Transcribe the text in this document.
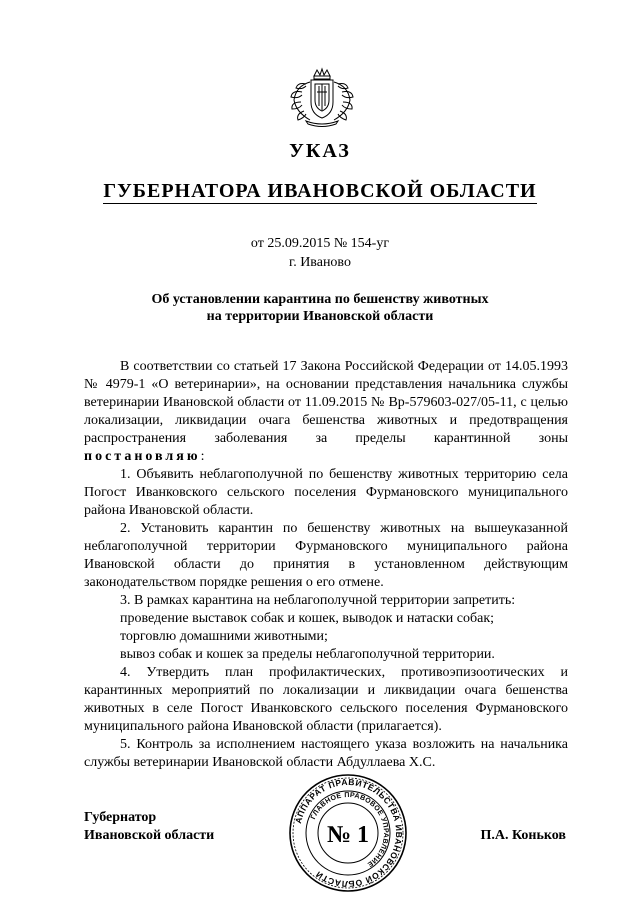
УКАЗ
ГУБЕРНАТОРА ИВАНОВСКОЙ ОБЛАСТИ
от 25.09.2015 № 154-уг
г. Иваново
Об установлении карантина по бешенству животных
на территории Ивановской области

В соответствии со статьей 17 Закона Российской Федерации от 14.05.1993 № 4979-1 «О ветеринарии», на основании представления начальника службы ветеринарии Ивановской области от 11.09.2015 № Вр-579603-027/05-11, с целью локализации, ликвидации очага бешенства животных и предотвращения распространения заболевания за пределы карантинной зоны постановляю:

1. Объявить неблагополучной по бешенству животных территорию села Погост Иванковского сельского поселения Фурмановского муниципального района Ивановской области.

2. Установить карантин по бешенству животных на вышеуказанной неблагополучной территории Фурмановского муниципального района Ивановской области до принятия в установленном действующим законодательством порядке решения о его отмене.

3. В рамках карантина на неблагополучной территории запретить:

проведение выставок собак и кошек, выводок и натаски собак;

торговлю домашними животными;

вывоз собак и кошек за пределы неблагополучной территории.

4. Утвердить план профилактических, противоэпизоотических и карантинных мероприятий по локализации и ликвидации очага бешенства животных в селе Погост Иванковского сельского поселения Фурмановского муниципального района Ивановской области (прилагается).

5. Контроль за исполнением настоящего указа возложить на начальника службы ветеринарии Ивановской области Абдуллаева Х.С.

Губернатор
Ивановской области	П.А. Коньков
АППАРАТ ПРАВИТЕЛЬСТВА ИВАНОВСКОЙ ОБЛАСТИ
ГЛАВНОЕ ПРАВОВОЕ УПРАВЛЕНИЕ
№ 1
